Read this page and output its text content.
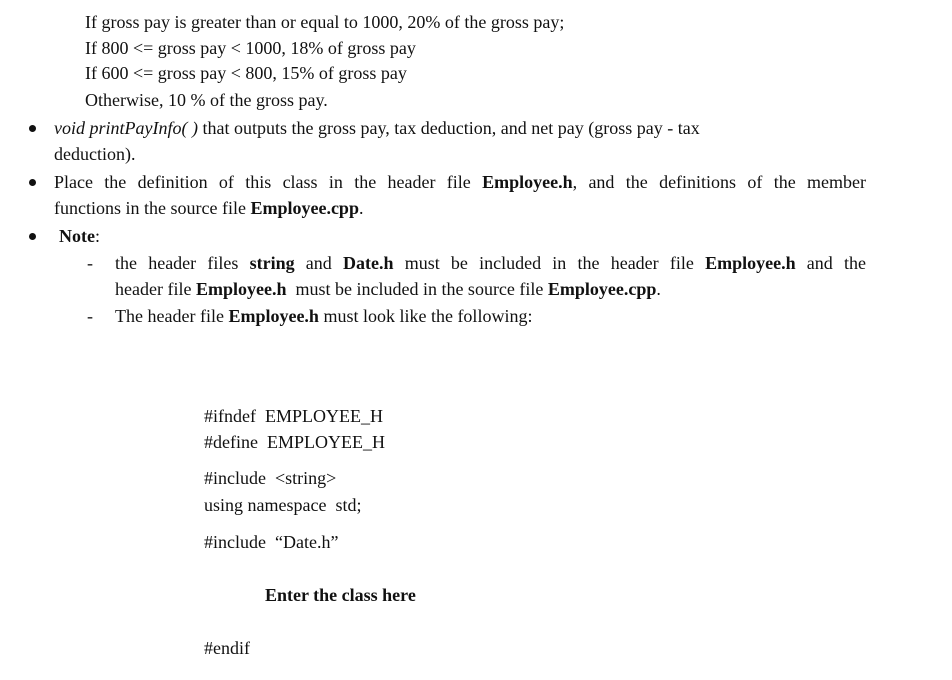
If gross pay is greater than or equal to 1000, 20% of the gross pay;
If 800 <= gross pay < 1000, 18% of gross pay
If 600 <= gross pay < 800, 15% of gross pay
Otherwise, 10 % of the gross pay.
void printPayInfo( ) that outputs the gross pay, tax deduction, and net pay (gross pay - tax
deduction).
Place the definition of this class in the header file Employee.h, and the definitions of the member
functions in the source file Employee.cpp.
Note:
- the header files string and Date.h must be included in the header file Employee.h and the
header file Employee.h  must be included in the source file Employee.cpp.
- The header file Employee.h must look like the following:
#ifndef  EMPLOYEE_H
#define  EMPLOYEE_H
#include  <string>
using namespace  std;
#include  “Date.h”
Enter the class here
#endif
